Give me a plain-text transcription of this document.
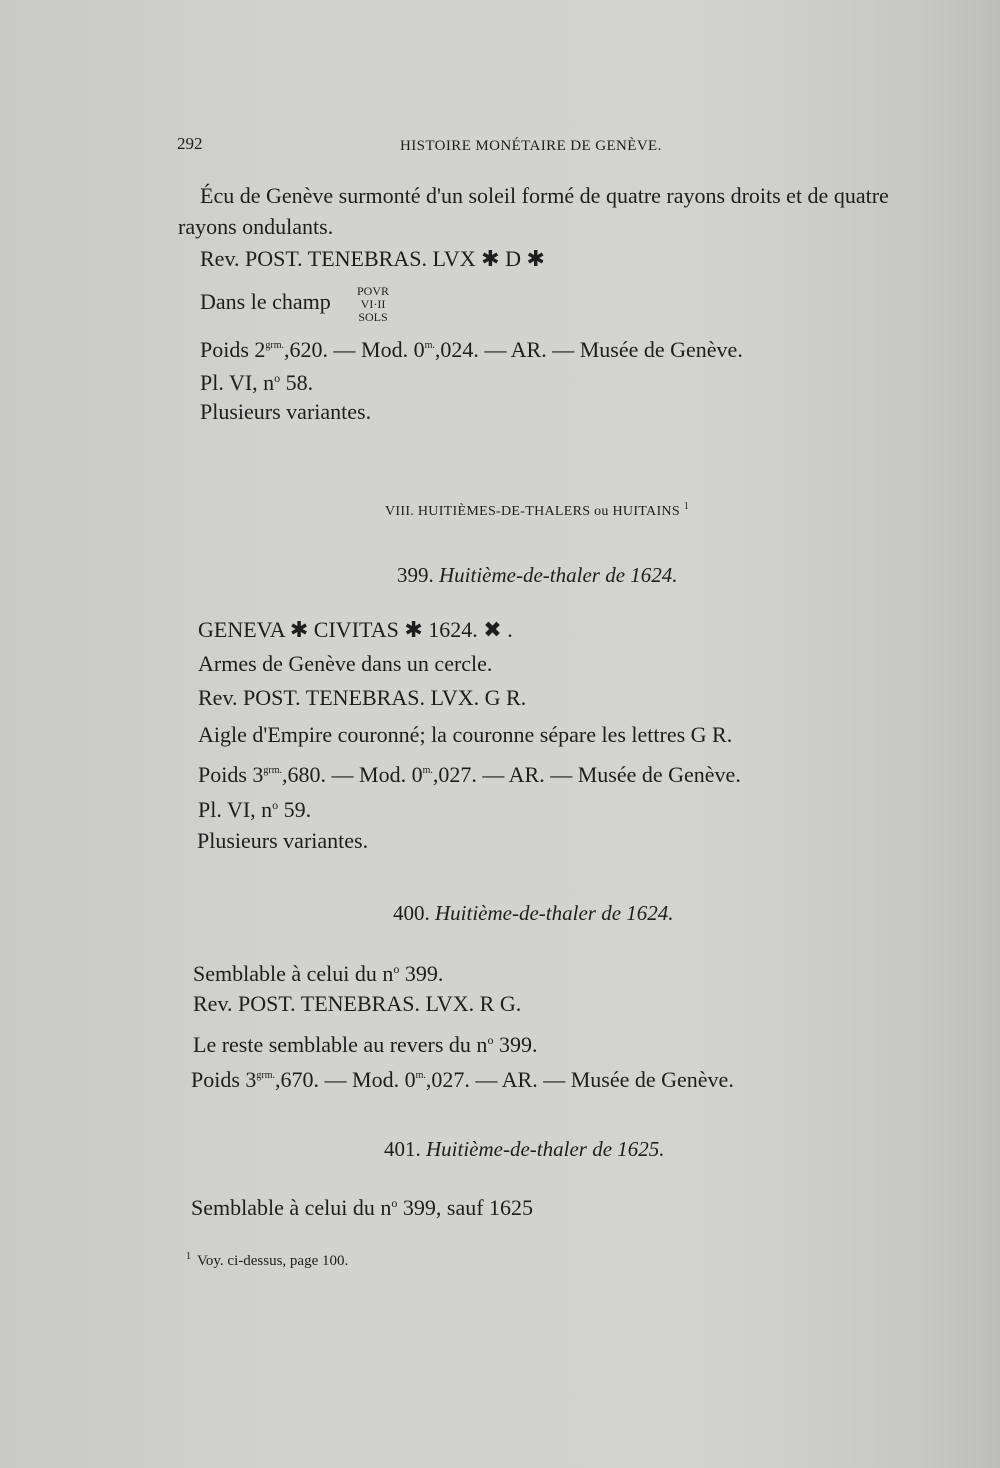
292	HISTOIRE MONÉTAIRE DE GENÈVE.
Écu de Genève surmonté d'un soleil formé de quatre rayons droits et de quatre
rayons ondulants.
Rev. POST. TENEBRAS. LVX ✱ D ✱
Dans le champ	POVR
VI·II
SOLS
Poids $2^{grm.},620$. — Mod. $0^{m.},024$. — AR. — Musée de Genève.
Pl. VI, $n^o$ 58.
Plusieurs variantes.
VIII. HUITIÈMES-DE-THALERS ou HUITAINS $^1$
399. Huitième-de-thaler de 1624.
GENEVA ✱ CIVITAS ✱ 1624. ✖ .
Armes de Genève dans un cercle.
Rev. POST. TENEBRAS. LVX. G R.
Aigle d'Empire couronné; la couronne sépare les lettres G R.
Poids $3^{grm.},680$. — Mod. $0^{m.},027$. — AR. — Musée de Genève.
Pl. VI, $n^o$ 59.
Plusieurs variantes.
400. Huitième-de-thaler de 1624.
Semblable à celui du $n^o$ 399.
Rev. POST. TENEBRAS. LVX. R G.
Le reste semblable au revers du $n^o$ 399.
Poids $3^{grm.},670$. — Mod. $0^{m.},027$. — AR. — Musée de Genève.
401. Huitième-de-thaler de 1625.
Semblable à celui du $n^o$ 399, sauf 1625
$^1$ Voy. ci-dessus, page 100.
